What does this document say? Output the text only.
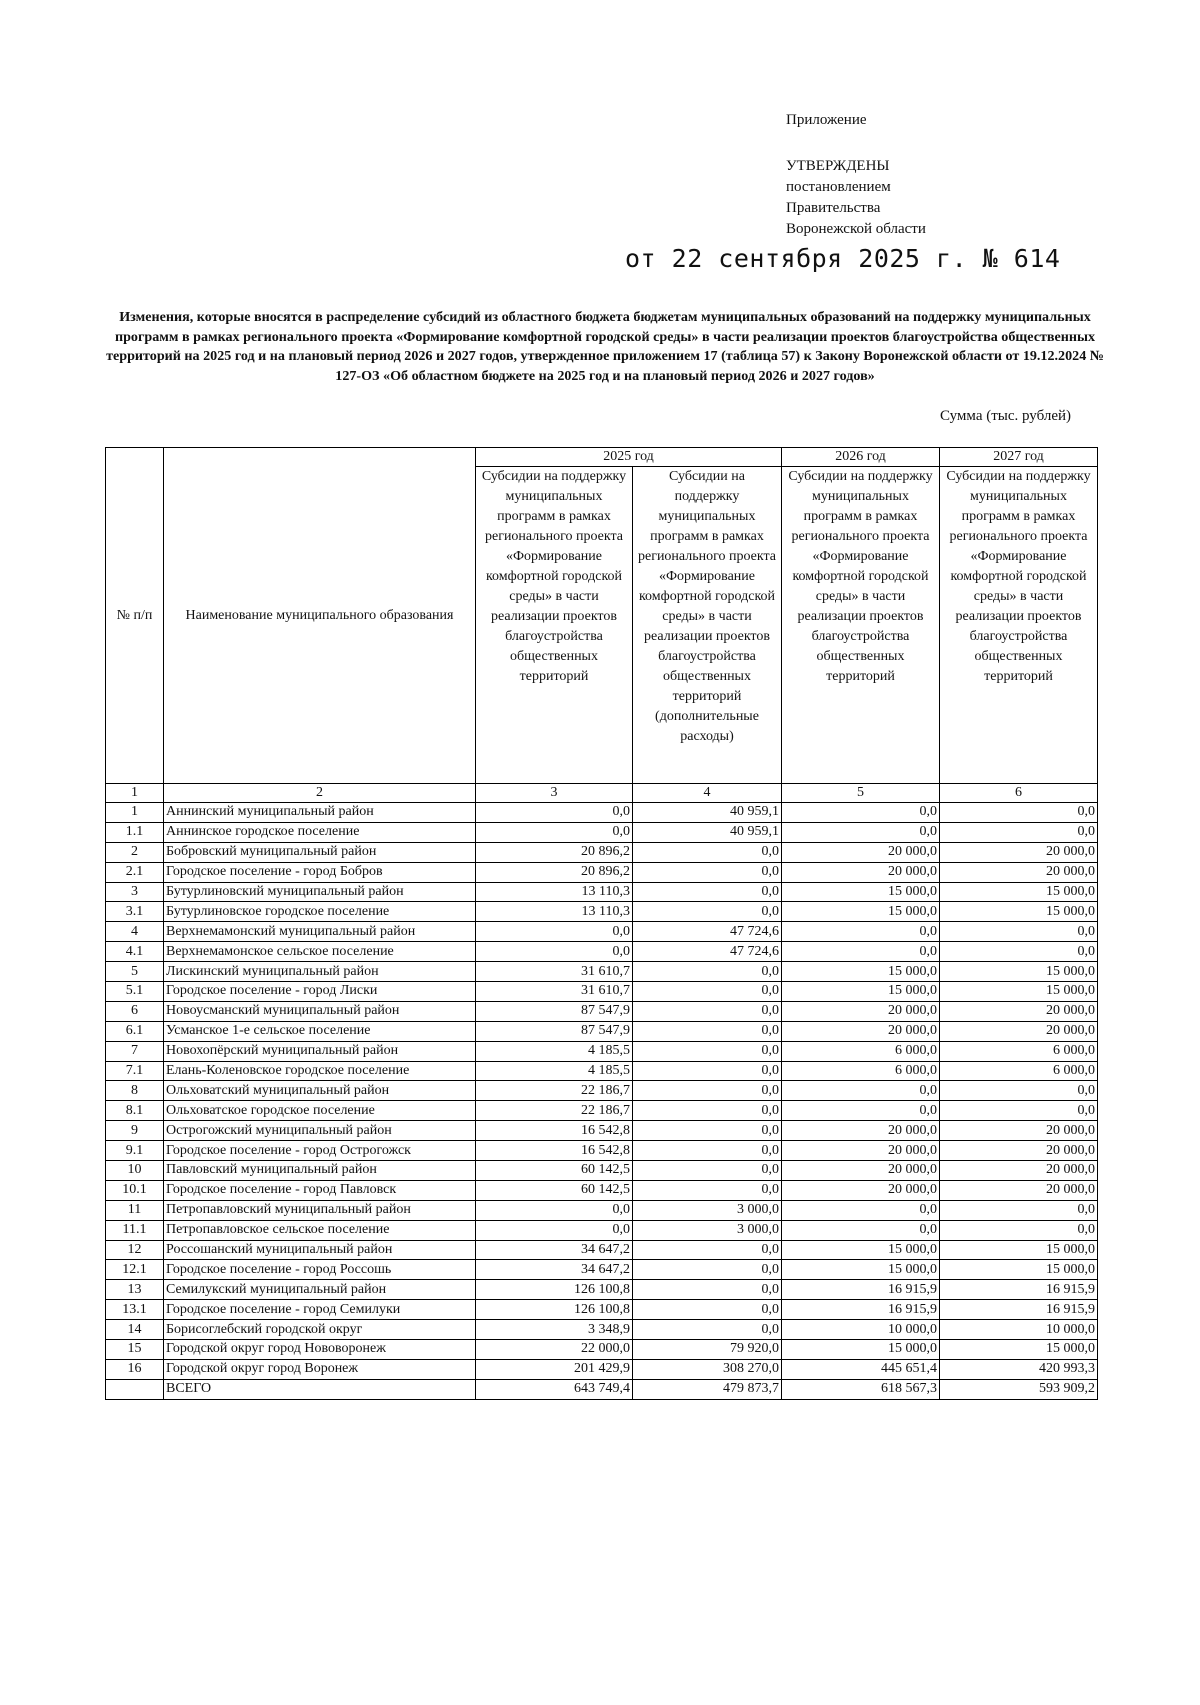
Приложение
УТВЕРЖДЕНЫ
постановлением
Правительства
Воронежской области
от 22 сентября 2025 г. № 614
Изменения, которые вносятся в распределение субсидий из областного бюджета бюджетам муниципальных образований на поддержку муниципальных программ в рамках регионального проекта «Формирование комфортной городской среды» в части реализации проектов благоустройства общественных территорий на 2025 год и на плановый период 2026 и 2027 годов, утвержденное приложением 17 (таблица 57) к Закону Воронежской области от 19.12.2024 № 127-ОЗ «Об областном бюджете на 2025 год и на плановый период 2026 и 2027 годов»
Сумма (тыс. рублей)
№ п/п	Наименование муниципального образования	2025 год		2026 год	2027 год
		Субсидии на поддержку муниципальных программ в рамках регионального проекта «Формирование комфортной городской среды» в части реализации проектов благоустройства общественных территорий	Субсидии на поддержку муниципальных программ в рамках регионального проекта «Формирование комфортной городской среды» в части реализации проектов благоустройства общественных территорий (дополнительные расходы)	Субсидии на поддержку муниципальных программ в рамках регионального проекта «Формирование комфортной городской среды» в части реализации проектов благоустройства общественных территорий	Субсидии на поддержку муниципальных программ в рамках регионального проекта «Формирование комфортной городской среды» в части реализации проектов благоустройства общественных территорий
1	2	3	4	5	6
1	Аннинский муниципальный район	0,0	40 959,1	0,0	0,0
1.1	Аннинское городское поселение	0,0	40 959,1	0,0	0,0
2	Бобровский муниципальный район	20 896,2	0,0	20 000,0	20 000,0
2.1	Городское поселение - город Бобров	20 896,2	0,0	20 000,0	20 000,0
3	Бутурлиновский муниципальный район	13 110,3	0,0	15 000,0	15 000,0
3.1	Бутурлиновское городское поселение	13 110,3	0,0	15 000,0	15 000,0
4	Верхнемамонский муниципальный район	0,0	47 724,6	0,0	0,0
4.1	Верхнемамонское сельское поселение	0,0	47 724,6	0,0	0,0
5	Лискинский муниципальный район	31 610,7	0,0	15 000,0	15 000,0
5.1	Городское поселение - город Лиски	31 610,7	0,0	15 000,0	15 000,0
6	Новоусманский муниципальный район	87 547,9	0,0	20 000,0	20 000,0
6.1	Усманское 1-е сельское поселение	87 547,9	0,0	20 000,0	20 000,0
7	Новохопёрский муниципальный район	4 185,5	0,0	6 000,0	6 000,0
7.1	Елань-Коленовское городское поселение	4 185,5	0,0	6 000,0	6 000,0
8	Ольховатский муниципальный район	22 186,7	0,0	0,0	0,0
8.1	Ольховатское городское поселение	22 186,7	0,0	0,0	0,0
9	Острогожский муниципальный район	16 542,8	0,0	20 000,0	20 000,0
9.1	Городское поселение - город Острогожск	16 542,8	0,0	20 000,0	20 000,0
10	Павловский муниципальный район	60 142,5	0,0	20 000,0	20 000,0
10.1	Городское поселение - город Павловск	60 142,5	0,0	20 000,0	20 000,0
11	Петропавловский муниципальный район	0,0	3 000,0	0,0	0,0
11.1	Петропавловское сельское поселение	0,0	3 000,0	0,0	0,0
12	Россошанский муниципальный район	34 647,2	0,0	15 000,0	15 000,0
12.1	Городское поселение - город Россошь	34 647,2	0,0	15 000,0	15 000,0
13	Семилукский муниципальный район	126 100,8	0,0	16 915,9	16 915,9
13.1	Городское поселение - город Семилуки	126 100,8	0,0	16 915,9	16 915,9
14	Борисоглебский городской округ	3 348,9	0,0	10 000,0	10 000,0
15	Городской округ город Нововоронеж	22 000,0	79 920,0	15 000,0	15 000,0
16	Городской округ город Воронеж	201 429,9	308 270,0	445 651,4	420 993,3
	ВСЕГО	643 749,4	479 873,7	618 567,3	593 909,2
